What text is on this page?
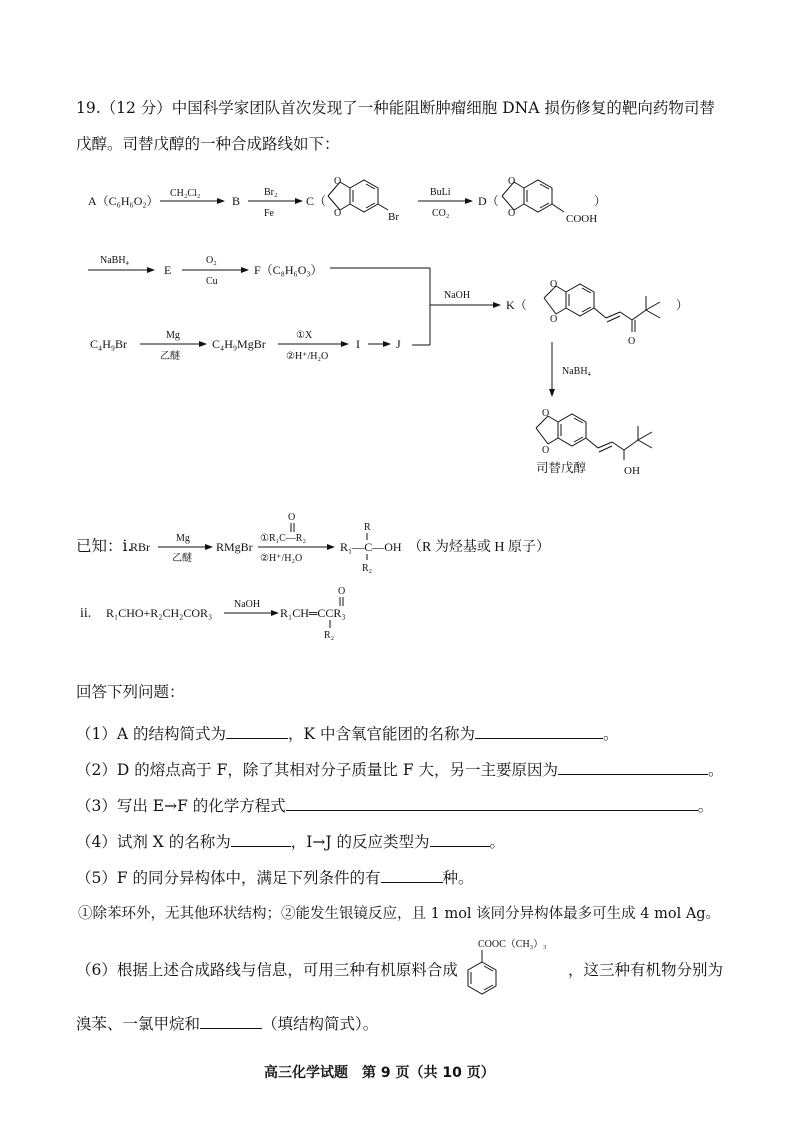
19.（12 分）中国科学家团队首次发现了一种能阻断肿瘤细胞 DNA 损伤修复的靶向药物司替
戊醇。司替戊醇的一种合成路线如下：
A（C₆H₆O₂）
CH₂Cl₂
B
Br₂
Fe
C（
O
O	Br
BuLi
CO₂
D（
O
O	COOH
）
NaBH₄
E
O₂
Cu
F（C₈H₆O₃）
NaOH
K（
O
O
O
）
C₄H₉Br
Mg
乙醚
C₄H₉MgBr
①X
②H⁺/H₂O
I	J
NaBH₄
O
O
OH
司替戊醇
已知：i.
RBr
Mg
乙醚
RMgBr
①R₁C—R₂
O
②H⁺/H₂O
R₁—C—OH
R
R₂
（R 为烃基或 H 原子）
ii. R₁CHO+R₂CH₂COR₃
NaOH
R₁CH═CCR₃
O
R₂
回答下列问题：
（1）A 的结构简式为	，K 中含氧官能团的名称为	。
（2）D 的熔点高于 F，除了其相对分子质量比 F 大，另一主要原因为	。
（3）写出 E→F 的化学方程式	。
（4）试剂 X 的名称为	，I→J 的反应类型为	。
（5）F 的同分异构体中，满足下列条件的有	种。
①除苯环外，无其他环状结构；②能发生银镜反应，且 1 mol 该同分异构体最多可生成 4 mol Ag。
（6）根据上述合成路线与信息，可用三种有机原料合成
COOC（CH₃）₃
，这三种有机物分别为
溴苯、一氯甲烷和	（填结构简式）。
高三化学试题　第 9 页（共 10 页）
